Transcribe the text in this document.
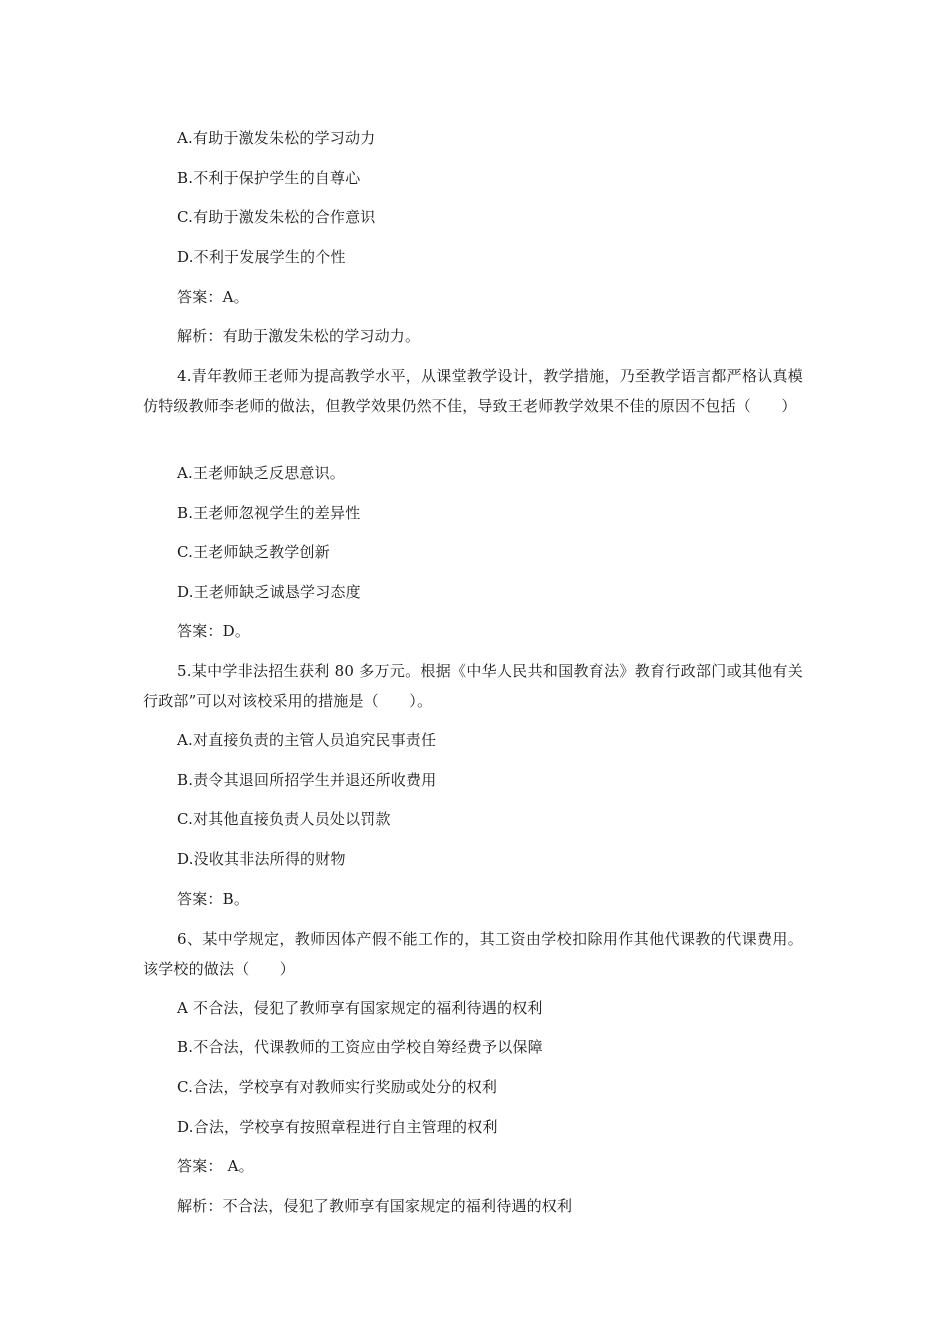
A.有助于激发朱松的学习动力
B.不利于保护学生的自尊心
C.有助于激发朱松的合作意识
D.不利于发展学生的个性
答案：A。
解析：有助于激发朱松的学习动力。
4.青年教师王老师为提高教学水平，从课堂教学设计，教学措施，乃至教学语言都严格认真模仿特级教师李老师的做法，但教学效果仍然不佳，导致王老师教学效果不佳的原因不包括（　　）
A.王老师缺乏反思意识。
B.王老师忽视学生的差异性
C.王老师缺乏教学创新
D.王老师缺乏诚恳学习态度
答案：D。
5.某中学非法招生获利 80 多万元。根据《中华人民共和国教育法》教育行政部门或其他有关行政部”可以对该校采用的措施是（　　）。
A.对直接负责的主管人员追究民事责任
B.责令其退回所招学生并退还所收费用
C.对其他直接负责人员处以罚款
D.没收其非法所得的财物
答案：B。
6、某中学规定，教师因体产假不能工作的，其工资由学校扣除用作其他代课教的代课费用。该学校的做法（　　）
A 不合法，侵犯了教师享有国家规定的福利待遇的权利
B.不合法，代课教师的工资应由学校自筹经费予以保障
C.合法，学校享有对教师实行奖励或处分的权利
D.合法，学校享有按照章程进行自主管理的权利
答案： A。
解析：不合法，侵犯了教师享有国家规定的福利待遇的权利
